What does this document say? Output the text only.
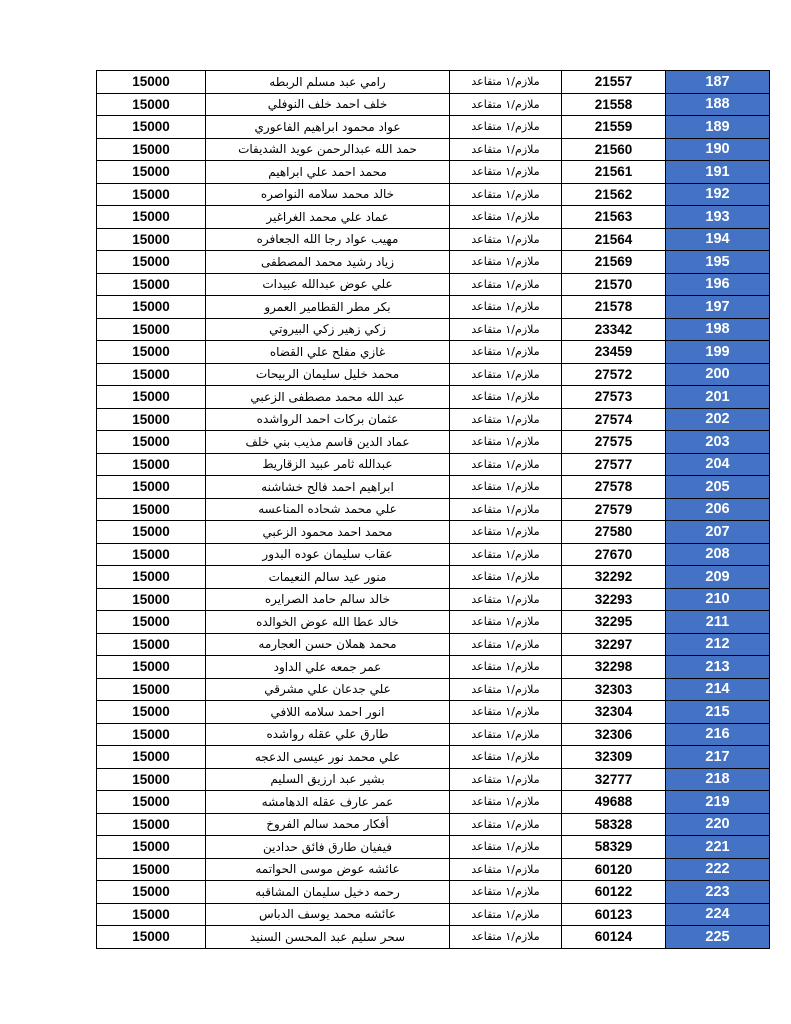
15000	رامي عبد مسلم الربطه	ملازم/١ متقاعد	21557	187
15000	خلف احمد خلف النوفلي	ملازم/١ متقاعد	21558	188
15000	عواد محمود ابراهيم الفاعوري	ملازم/١ متقاعد	21559	189
15000	حمد الله عبدالرحمن عويد الشديفات	ملازم/١ متقاعد	21560	190
15000	محمد احمد علي ابراهيم	ملازم/١ متقاعد	21561	191
15000	خالد محمد سلامه النواصره	ملازم/١ متقاعد	21562	192
15000	عماد علي محمد الغراغير	ملازم/١ متقاعد	21563	193
15000	مهيب عواد رجا الله الجعافره	ملازم/١ متقاعد	21564	194
15000	زياد رشيد محمد المصطفى	ملازم/١ متقاعد	21569	195
15000	علي عوض عبدالله عبيدات	ملازم/١ متقاعد	21570	196
15000	بكر مطر القطامير العمرو	ملازم/١ متقاعد	21578	197
15000	زكي زهير زكي البيروتي	ملازم/١ متقاعد	23342	198
15000	غازي مفلح علي القضاه	ملازم/١ متقاعد	23459	199
15000	محمد خليل سليمان الربيحات	ملازم/١ متقاعد	27572	200
15000	عبد الله محمد مصطفى الزعبي	ملازم/١ متقاعد	27573	201
15000	عثمان بركات احمد الرواشده	ملازم/١ متقاعد	27574	202
15000	عماد الدين قاسم مذيب بني خلف	ملازم/١ متقاعد	27575	203
15000	عبدالله ثامر عبيد الزقاريط	ملازم/١ متقاعد	27577	204
15000	ابراهيم احمد فالح خشاشنه	ملازم/١ متقاعد	27578	205
15000	علي محمد شحاده المناعسه	ملازم/١ متقاعد	27579	206
15000	محمد احمد محمود الزعبي	ملازم/١ متقاعد	27580	207
15000	عقاب سليمان عوده البدور	ملازم/١ متقاعد	27670	208
15000	منور عيد سالم النعيمات	ملازم/١ متقاعد	32292	209
15000	خالد سالم حامد الصرايره	ملازم/١ متقاعد	32293	210
15000	خالد عطا الله عوض الخوالده	ملازم/١ متقاعد	32295	211
15000	محمد هملان حسن العجارمه	ملازم/١ متقاعد	32297	212
15000	عمر جمعه علي الداود	ملازم/١ متقاعد	32298	213
15000	علي جدعان علي مشرقي	ملازم/١ متقاعد	32303	214
15000	انور احمد سلامه اللافي	ملازم/١ متقاعد	32304	215
15000	طارق علي عقله رواشده	ملازم/١ متقاعد	32306	216
15000	علي محمد نور عيسى الدعجه	ملازم/١ متقاعد	32309	217
15000	بشير عبد ارزيق السليم	ملازم/١ متقاعد	32777	218
15000	عمر عارف عقله الدهامشه	ملازم/١ متقاعد	49688	219
15000	أفكار محمد سالم الفروخ	ملازم/١ متقاعد	58328	220
15000	فيفيان طارق فائق حدادين	ملازم/١ متقاعد	58329	221
15000	عائشه عوض موسى الحواتمه	ملازم/١ متقاعد	60120	222
15000	رحمه دخيل سليمان المشاقبه	ملازم/١ متقاعد	60122	223
15000	عائشه محمد يوسف الدباس	ملازم/١ متقاعد	60123	224
15000	سحر سليم عبد المحسن السنيد	ملازم/١ متقاعد	60124	225
